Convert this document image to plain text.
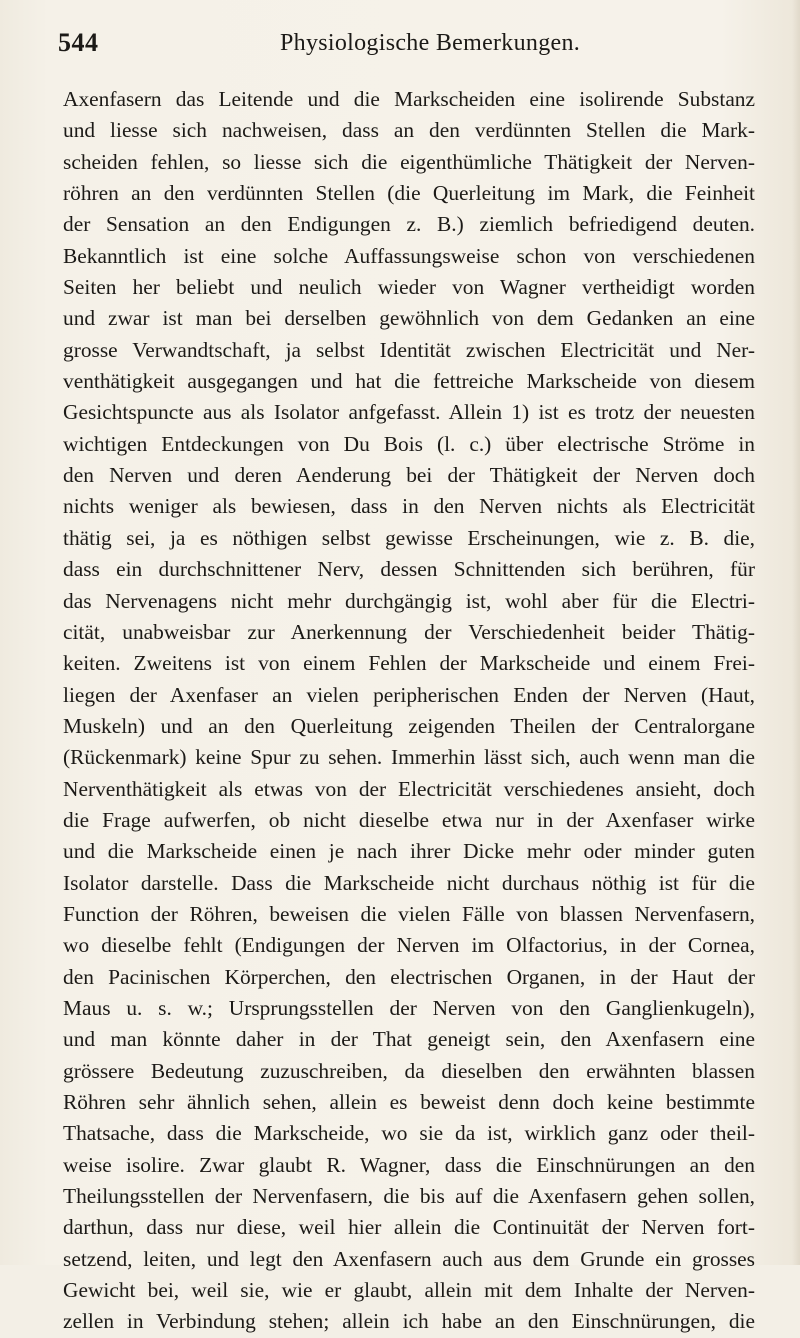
544	Physiologische Bemerkungen.
Axenfasern das Leitende und die Markscheiden eine isolirende Substanz
und liesse sich nachweisen, dass an den verdünnten Stellen die Mark-
scheiden fehlen, so liesse sich die eigenthümliche Thätigkeit der Nerven-
röhren an den verdünnten Stellen (die Querleitung im Mark, die Feinheit
der Sensation an den Endigungen z. B.) ziemlich befriedigend deuten.
Bekanntlich ist eine solche Auffassungsweise schon von verschiedenen
Seiten her beliebt und neulich wieder von Wagner vertheidigt worden
und zwar ist man bei derselben gewöhnlich von dem Gedanken an eine
grosse Verwandtschaft, ja selbst Identität zwischen Electricität und Ner-
venthätigkeit ausgegangen und hat die fettreiche Markscheide von diesem
Gesichtspuncte aus als Isolator anfgefasst. Allein 1) ist es trotz der neuesten
wichtigen Entdeckungen von Du Bois (l. c.) über electrische Ströme in
den Nerven und deren Aenderung bei der Thätigkeit der Nerven doch
nichts weniger als bewiesen, dass in den Nerven nichts als Electricität
thätig sei, ja es nöthigen selbst gewisse Erscheinungen, wie z. B. die,
dass ein durchschnittener Nerv, dessen Schnittenden sich berühren, für
das Nervenagens nicht mehr durchgängig ist, wohl aber für die Electri-
cität, unabweisbar zur Anerkennung der Verschiedenheit beider Thätig-
keiten. Zweitens ist von einem Fehlen der Markscheide und einem Frei-
liegen der Axenfaser an vielen peripherischen Enden der Nerven (Haut,
Muskeln) und an den Querleitung zeigenden Theilen der Centralorgane
(Rückenmark) keine Spur zu sehen. Immerhin lässt sich, auch wenn man die
Nerventhätigkeit als etwas von der Electricität verschiedenes ansieht, doch
die Frage aufwerfen, ob nicht dieselbe etwa nur in der Axenfaser wirke
und die Markscheide einen je nach ihrer Dicke mehr oder minder guten
Isolator darstelle. Dass die Markscheide nicht durchaus nöthig ist für die
Function der Röhren, beweisen die vielen Fälle von blassen Nervenfasern,
wo dieselbe fehlt (Endigungen der Nerven im Olfactorius, in der Cornea,
den Pacinischen Körperchen, den electrischen Organen, in der Haut der
Maus u. s. w.; Ursprungsstellen der Nerven von den Ganglienkugeln),
und man könnte daher in der That geneigt sein, den Axenfasern eine
grössere Bedeutung zuzuschreiben, da dieselben den erwähnten blassen
Röhren sehr ähnlich sehen, allein es beweist denn doch keine bestimmte
Thatsache, dass die Markscheide, wo sie da ist, wirklich ganz oder theil-
weise isolire. Zwar glaubt R. Wagner, dass die Einschnürungen an den
Theilungsstellen der Nervenfasern, die bis auf die Axenfasern gehen sollen,
darthun, dass nur diese, weil hier allein die Continuität der Nerven fort-
setzend, leiten, und legt den Axenfasern auch aus dem Grunde ein grosses
Gewicht bei, weil sie, wie er glaubt, allein mit dem Inhalte der Nerven-
zellen in Verbindung stehen; allein ich habe an den Einschnürungen, die
